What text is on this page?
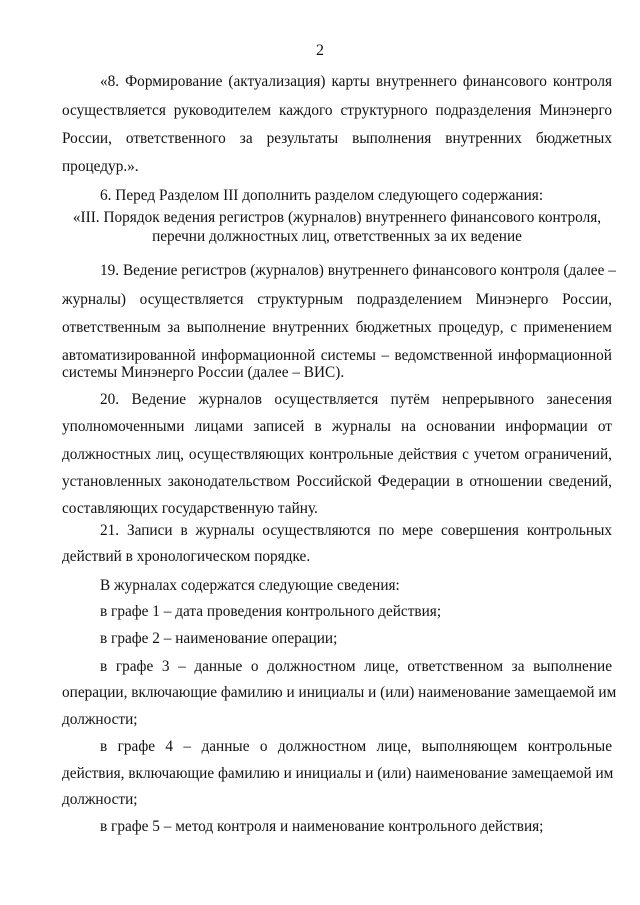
2
«8. Формирование (актуализация) карты внутреннего финансового контроля
осуществляется руководителем каждого структурного подразделения Минэнерго
России, ответственного за результаты выполнения внутренних бюджетных
процедур.».
6. Перед Разделом III дополнить разделом следующего содержания:
«III. Порядок ведения регистров (журналов) внутреннего финансового контроля,
перечни должностных лиц, ответственных за их ведение
19. Ведение регистров (журналов) внутреннего финансового контроля (далее –
журналы) осуществляется структурным подразделением Минэнерго России,
ответственным за выполнение внутренних бюджетных процедур, с применением
автоматизированной информационной системы – ведомственной информационной
системы Минэнерго России (далее – ВИС).
20. Ведение журналов осуществляется путём непрерывного занесения
уполномоченными лицами записей в журналы на основании информации от
должностных лиц, осуществляющих контрольные действия с учетом ограничений,
установленных законодательством Российской Федерации в отношении сведений,
составляющих государственную тайну.
21. Записи в журналы осуществляются по мере совершения контрольных
действий в хронологическом порядке.
В журналах содержатся следующие сведения:
в графе 1 – дата проведения контрольного действия;
в графе 2 – наименование операции;
в графе 3 – данные о должностном лице, ответственном за выполнение
операции, включающие фамилию и инициалы и (или) наименование замещаемой им
должности;
в графе 4 – данные о должностном лице, выполняющем контрольные
действия, включающие фамилию и инициалы и (или) наименование замещаемой им
должности;
в графе 5 – метод контроля и наименование контрольного действия;
